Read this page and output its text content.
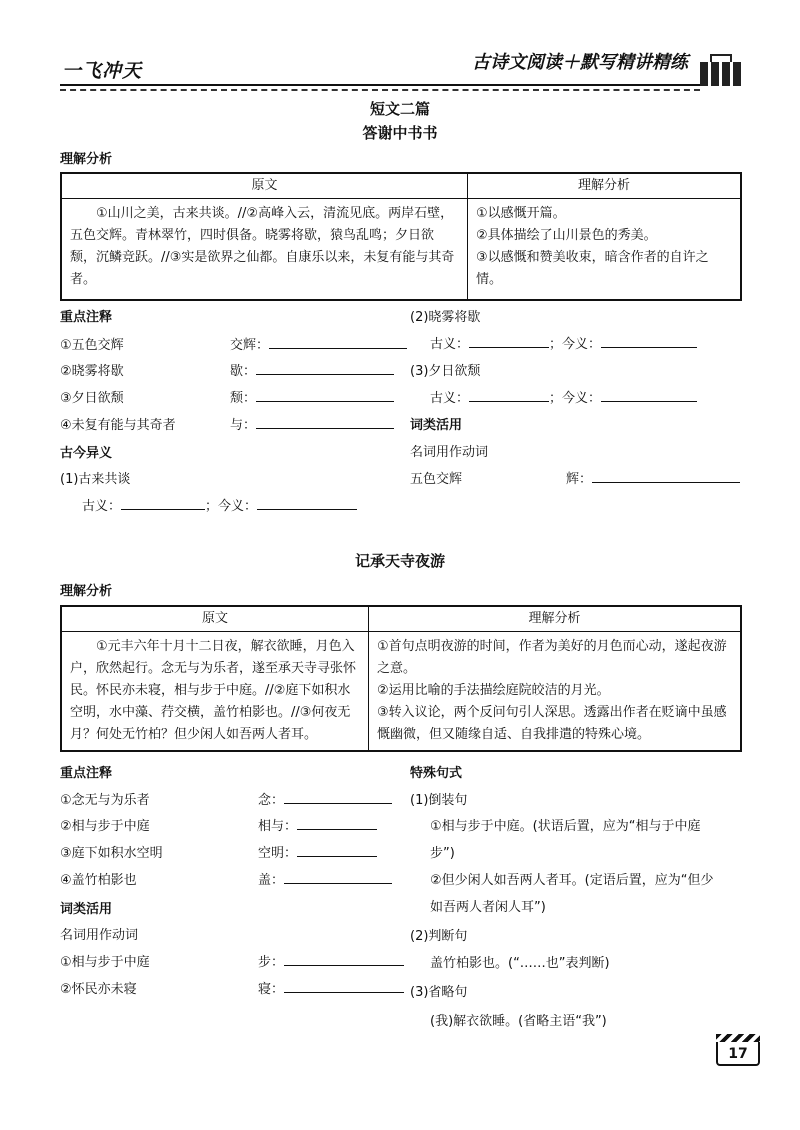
一飞冲天	古诗文阅读＋默写精讲精练
短文二篇
答谢中书书
理解分析
原文	理解分析
①山川之美，古来共谈。//②高峰入云，清流见底。两岸石壁，五色交辉。青林翠竹，四时俱备。晓雾将歇，猿鸟乱鸣；夕日欲颓，沉鳞竞跃。//③实是欲界之仙都。自康乐以来，未复有能与其奇者。	①以感慨开篇。
②具体描绘了山川景色的秀美。
③以感慨和赞美收束，暗含作者的自许之情。
重点注释
①五色交辉	交辉：
②晓雾将歇	歇：
③夕日欲颓	颓：
④未复有能与其奇者	与：
古今异义
(1)古来共谈
古义：	；今义：
(2)晓雾将歇
古义：	；今义：
(3)夕日欲颓
古义：	；今义：
词类活用
名词用作动词
五色交辉	辉：
记承天寺夜游
理解分析
原文	理解分析
①元丰六年十月十二日夜，解衣欲睡，月色入户，欣然起行。念无与为乐者，遂至承天寺寻张怀民。怀民亦未寝，相与步于中庭。//②庭下如积水空明，水中藻、荇交横，盖竹柏影也。//③何夜无月？何处无竹柏？但少闲人如吾两人者耳。	①首句点明夜游的时间，作者为美好的月色而心动，遂起夜游之意。
②运用比喻的手法描绘庭院皎洁的月光。
③转入议论，两个反问句引人深思。透露出作者在贬谪中虽感慨幽微，但又随缘自适、自我排遣的特殊心境。
重点注释
①念无与为乐者	念：
②相与步于中庭	相与：
③庭下如积水空明	空明：
④盖竹柏影也	盖：
词类活用
名词用作动词
①相与步于中庭	步：
②怀民亦未寝	寝：
特殊句式
(1)倒装句
①相与步于中庭。(状语后置，应为“相与于中庭
步”)
②但少闲人如吾两人者耳。(定语后置，应为“但少
如吾两人者闲人耳”)
(2)判断句
盖竹柏影也。(“……也”表判断)
(3)省略句
(我)解衣欲睡。(省略主语“我”)
17
